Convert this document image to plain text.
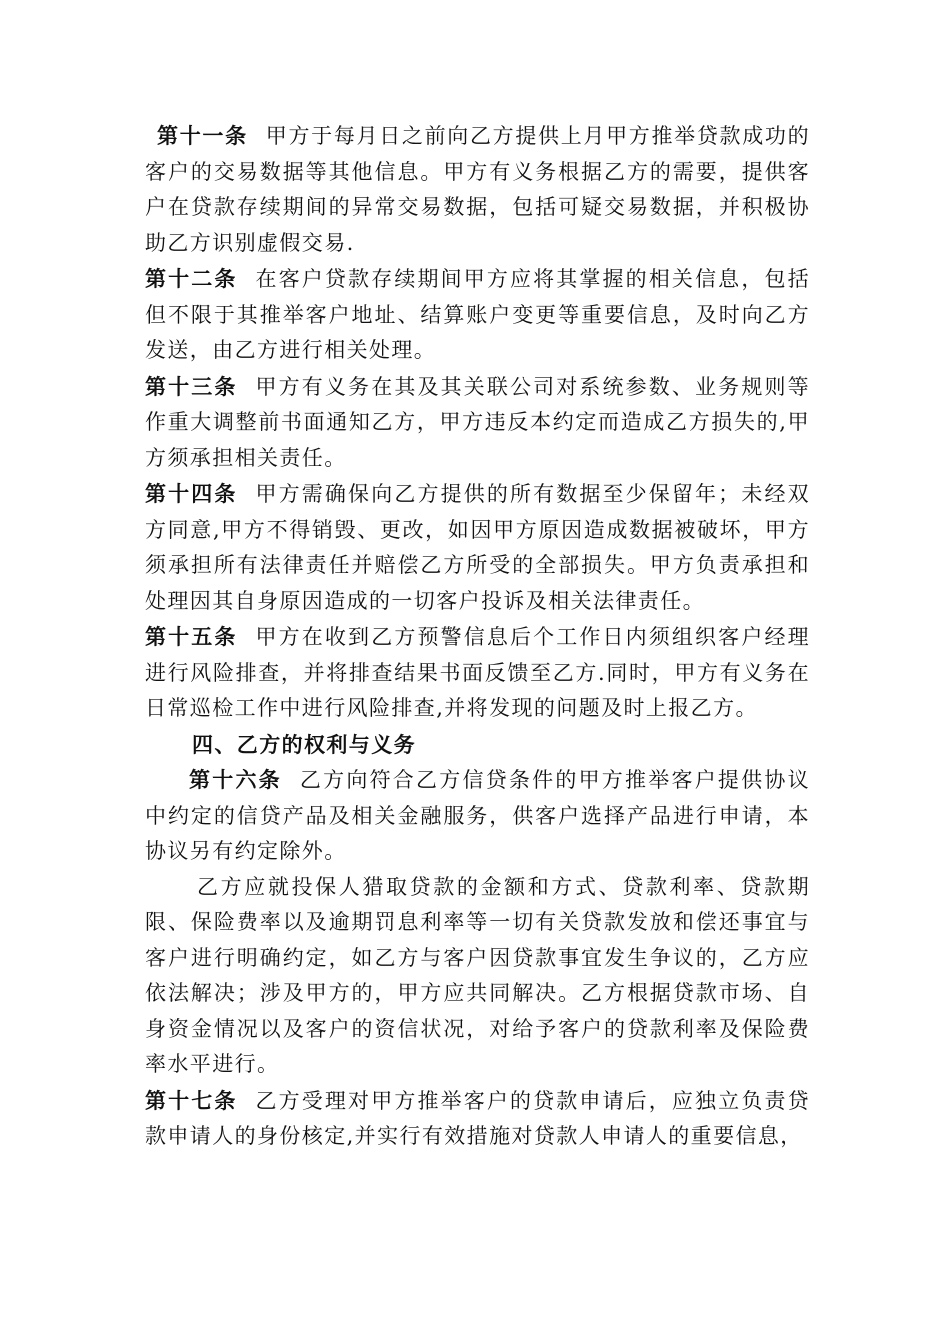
第十一条 甲方于每月日之前向乙方提供上月甲方推举贷款成功的客户的交易数据等其他信息。甲方有义务根据乙方的需要，提供客户在贷款存续期间的异常交易数据，包括可疑交易数据，并积极协助乙方识别虚假交易.

第十二条 在客户贷款存续期间甲方应将其掌握的相关信息，包括但不限于其推举客户地址、结算账户变更等重要信息，及时向乙方发送，由乙方进行相关处理。

第十三条 甲方有义务在其及其关联公司对系统参数、业务规则等作重大调整前书面通知乙方，甲方违反本约定而造成乙方损失的,甲方须承担相关责任。

第十四条 甲方需确保向乙方提供的所有数据至少保留年；未经双方同意,甲方不得销毁、更改，如因甲方原因造成数据被破坏，甲方须承担所有法律责任并赔偿乙方所受的全部损失。甲方负责承担和处理因其自身原因造成的一切客户投诉及相关法律责任。

第十五条 甲方在收到乙方预警信息后个工作日内须组织客户经理进行风险排查，并将排查结果书面反馈至乙方.同时，甲方有义务在日常巡检工作中进行风险排查,并将发现的问题及时上报乙方。

四、乙方的权利与义务

第十六条 乙方向符合乙方信贷条件的甲方推举客户提供协议中约定的信贷产品及相关金融服务，供客户选择产品进行申请，本协议另有约定除外。

乙方应就投保人猎取贷款的金额和方式、贷款利率、贷款期限、保险费率以及逾期罚息利率等一切有关贷款发放和偿还事宜与客户进行明确约定，如乙方与客户因贷款事宜发生争议的，乙方应依法解决；涉及甲方的，甲方应共同解决。乙方根据贷款市场、自身资金情况以及客户的资信状况，对给予客户的贷款利率及保险费率水平进行。

第十七条 乙方受理对甲方推举客户的贷款申请后，应独立负责贷款申请人的身份核定,并实行有效措施对贷款人申请人的重要信息，
